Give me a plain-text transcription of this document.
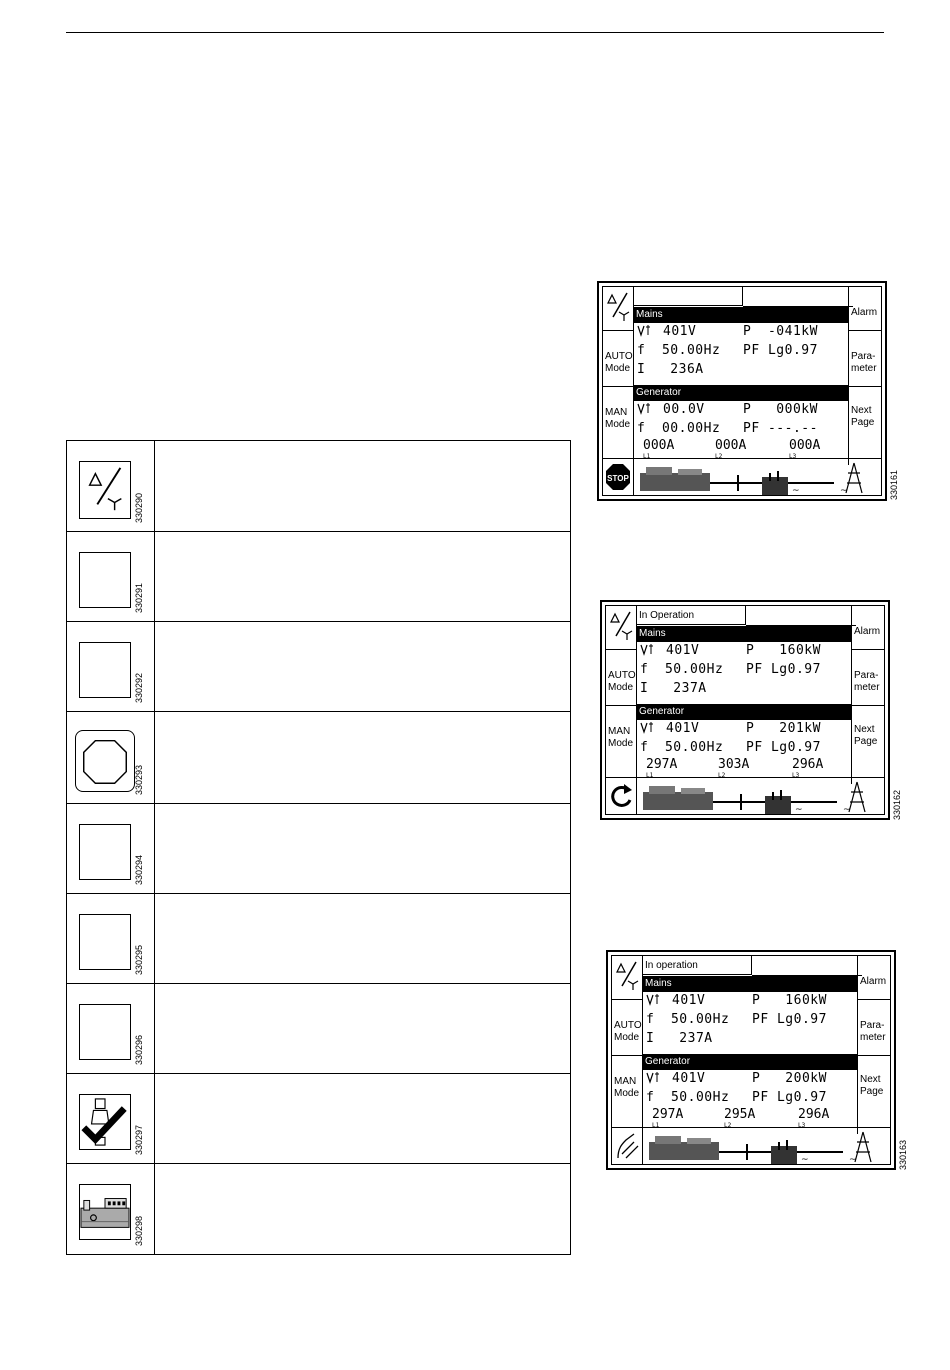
330290
330291
330292
330293
330294
330295
330296
330297
330298
AUTO
Mode
MAN
Mode
Alarm
Para-
meter
Next
Page
Mains
401V	P  -041kW
f  50.00Hz PF Lg0.97
I   236A
Generator
00.0V	P   000kW
f  00.00Hz PF ---.--
000A
L1
000A
L2
000A
L3
STOP
~	~	330161
AUTO
Mode
MAN
Mode
Alarm
Para-
meter
Next
Page
In Operation
Mains
401V	P   160kW
f  50.00Hz PF Lg0.97
I   237A
Generator
401V	P   201kW
f  50.00Hz PF Lg0.97
297A
L1
303A
L2
296A
L3
~	~	330162
AUTO
Mode
MAN
Mode
Alarm
Para-
meter
Next
Page
In operation
Mains
401V	P   160kW
f  50.00Hz PF Lg0.97
I   237A
Generator
401V	P   200kW
f  50.00Hz PF Lg0.97
297A
L1
295A
L2
296A
L3
~	~	330163
